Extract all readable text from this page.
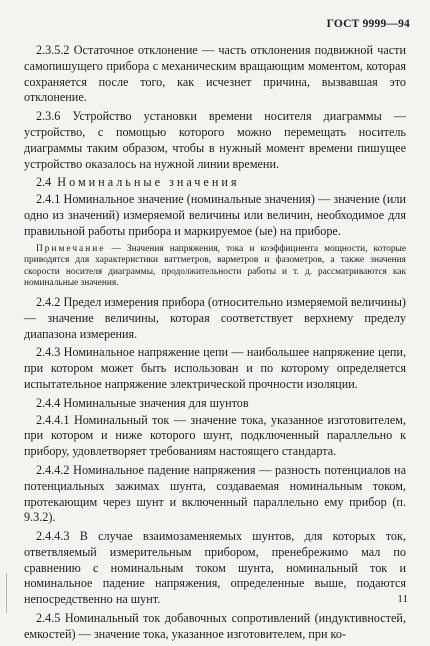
ГОСТ 9999—94

2.3.5.2 Остаточное отклонение — часть отклонения подвижной части самопишущего прибора с механическим вращающим моментом, которая сохраняется после того, как исчезнет причина, вызвавшая это отклонение.

2.3.6 Устройство установки времени носителя диаграммы — устройство, с помощью которого можно перемещать носитель диаграммы таким образом, чтобы в нужный момент времени пишущее устройство оказалось на нужной линии времени.

2.4 Номинальные значения

2.4.1 Номинальное значение (номинальные значения) — значение (или одно из значений) измеряемой величины или величин, необходимое для правильной работы прибора и маркируемое (ые) на приборе.

Примечание — Значения напряжения, тока и коэффициента мощности, которые приводятся для характеристики ваттметров, варметров и фазометров, а также значения скорости носителя диаграммы, продолжительности работы и т. д. рассматриваются как номинальные значения.

2.4.2 Предел измерения прибора (относительно измеряемой величины) — значение величины, которая соответствует верхнему пределу диапазона измерения.

2.4.3 Номинальное напряжение цепи — наибольшее напряжение цепи, при котором может быть использован и по которому определяется испытательное напряжение электрической прочности изоляции.

2.4.4 Номинальные значения для шунтов

2.4.4.1 Номинальный ток — значение тока, указанное изготовителем, при котором и ниже которого шунт, подключенный параллельно к прибору, удовлетворяет требованиям настоящего стандарта.

2.4.4.2 Номинальное падение напряжения — разность потенциалов на потенциальных зажимах шунта, создаваемая номинальным током, протекающим через шунт и включенный параллельно ему прибор (п. 9.3.2).

2.4.4.3 В случае взаимозаменяемых шунтов, для которых ток, ответвляемый измерительным прибором, пренебрежимо мал по сравнению с номинальным током шунта, номинальный ток и номинальное падение напряжения, определенные выше, подаются непосредственно на шунт.

2.4.5 Номинальный ток добавочных сопротивлений (индуктивностей, емкостей) — значение тока, указанное изготовителем, при ко-

11
